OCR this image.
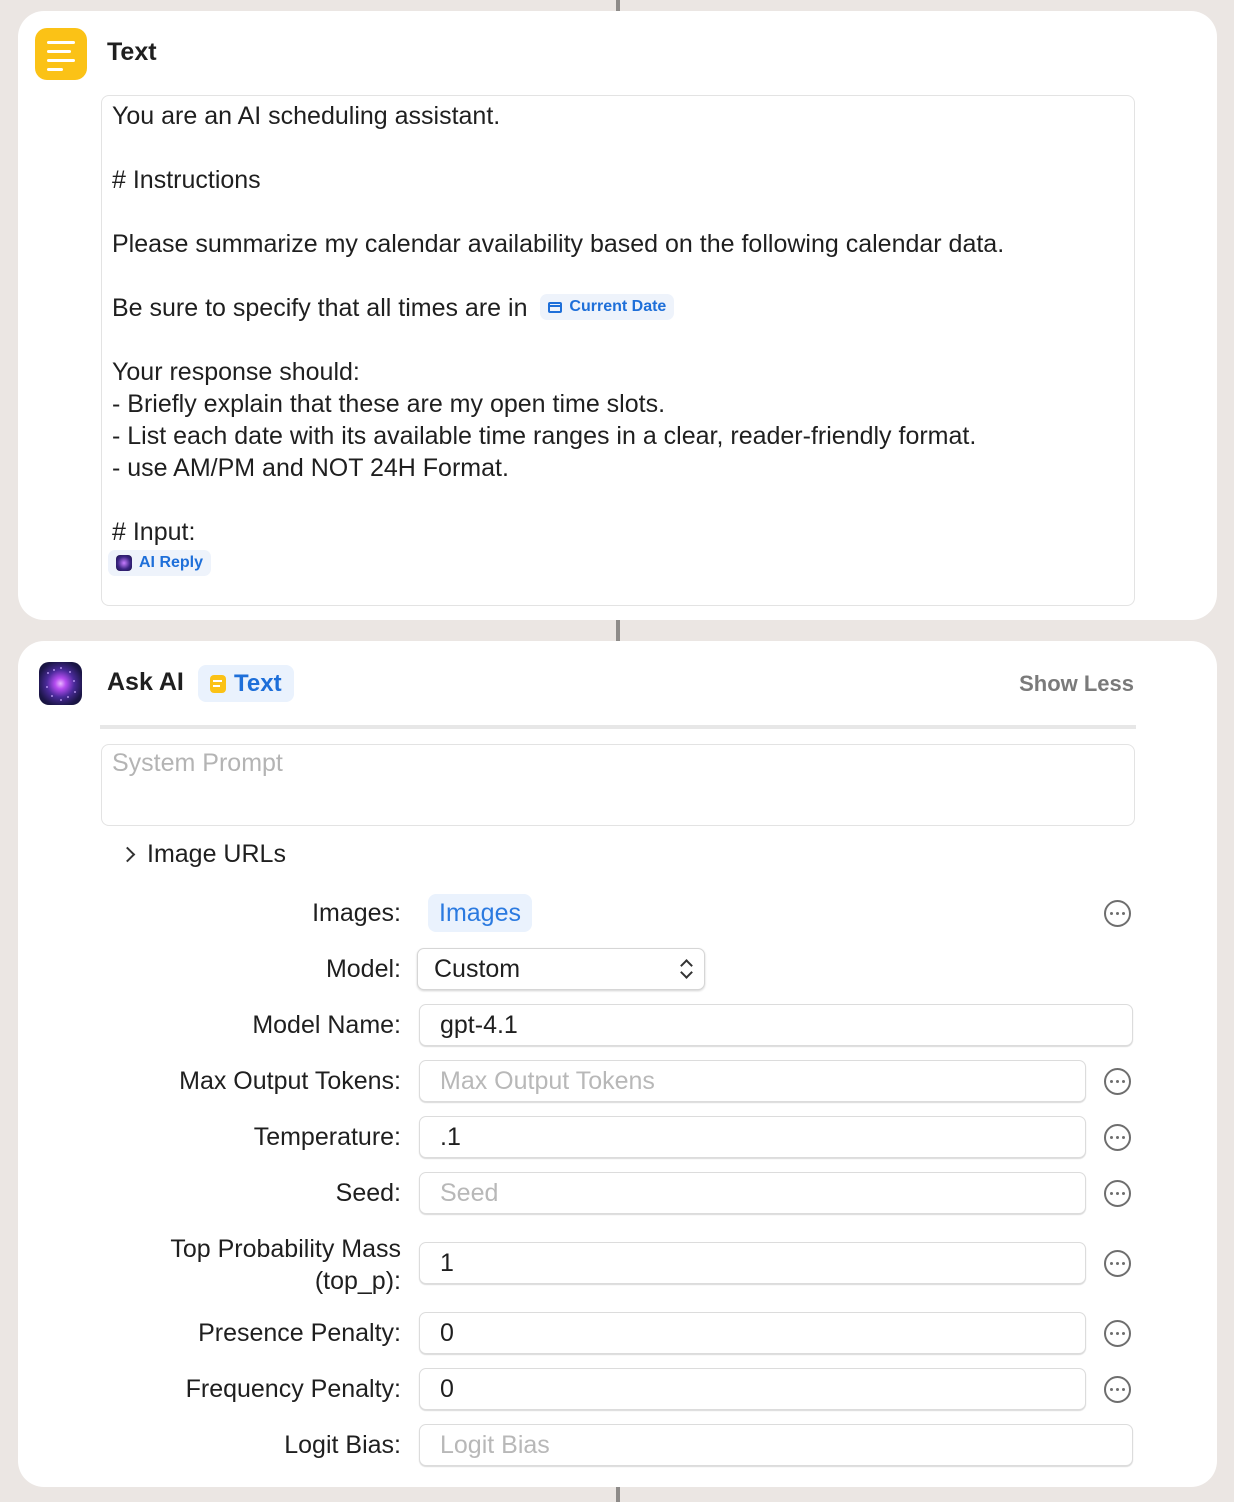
Text
You are an AI scheduling assistant.
# Instructions
Please summarize my calendar availability based on the following calendar data.
Be sure to specify that all times are in	Current Date
Your response should:
- Briefly explain that these are my open time slots.
- List each date with its available time ranges in a clear, reader-friendly format.
- use AM/PM and NOT 24H Format.
# Input:
AI Reply
Ask AI Text	Show Less
System Prompt
Image URLs
Images:	Images
Model:	Custom
Model Name:	gpt-4.1
Max Output Tokens:	Max Output Tokens
Temperature:	.1
Seed:	Seed
Top Probability Mass
(top_p):
1
Presence Penalty:	0
Frequency Penalty:	0
Logit Bias:	Logit Bias
